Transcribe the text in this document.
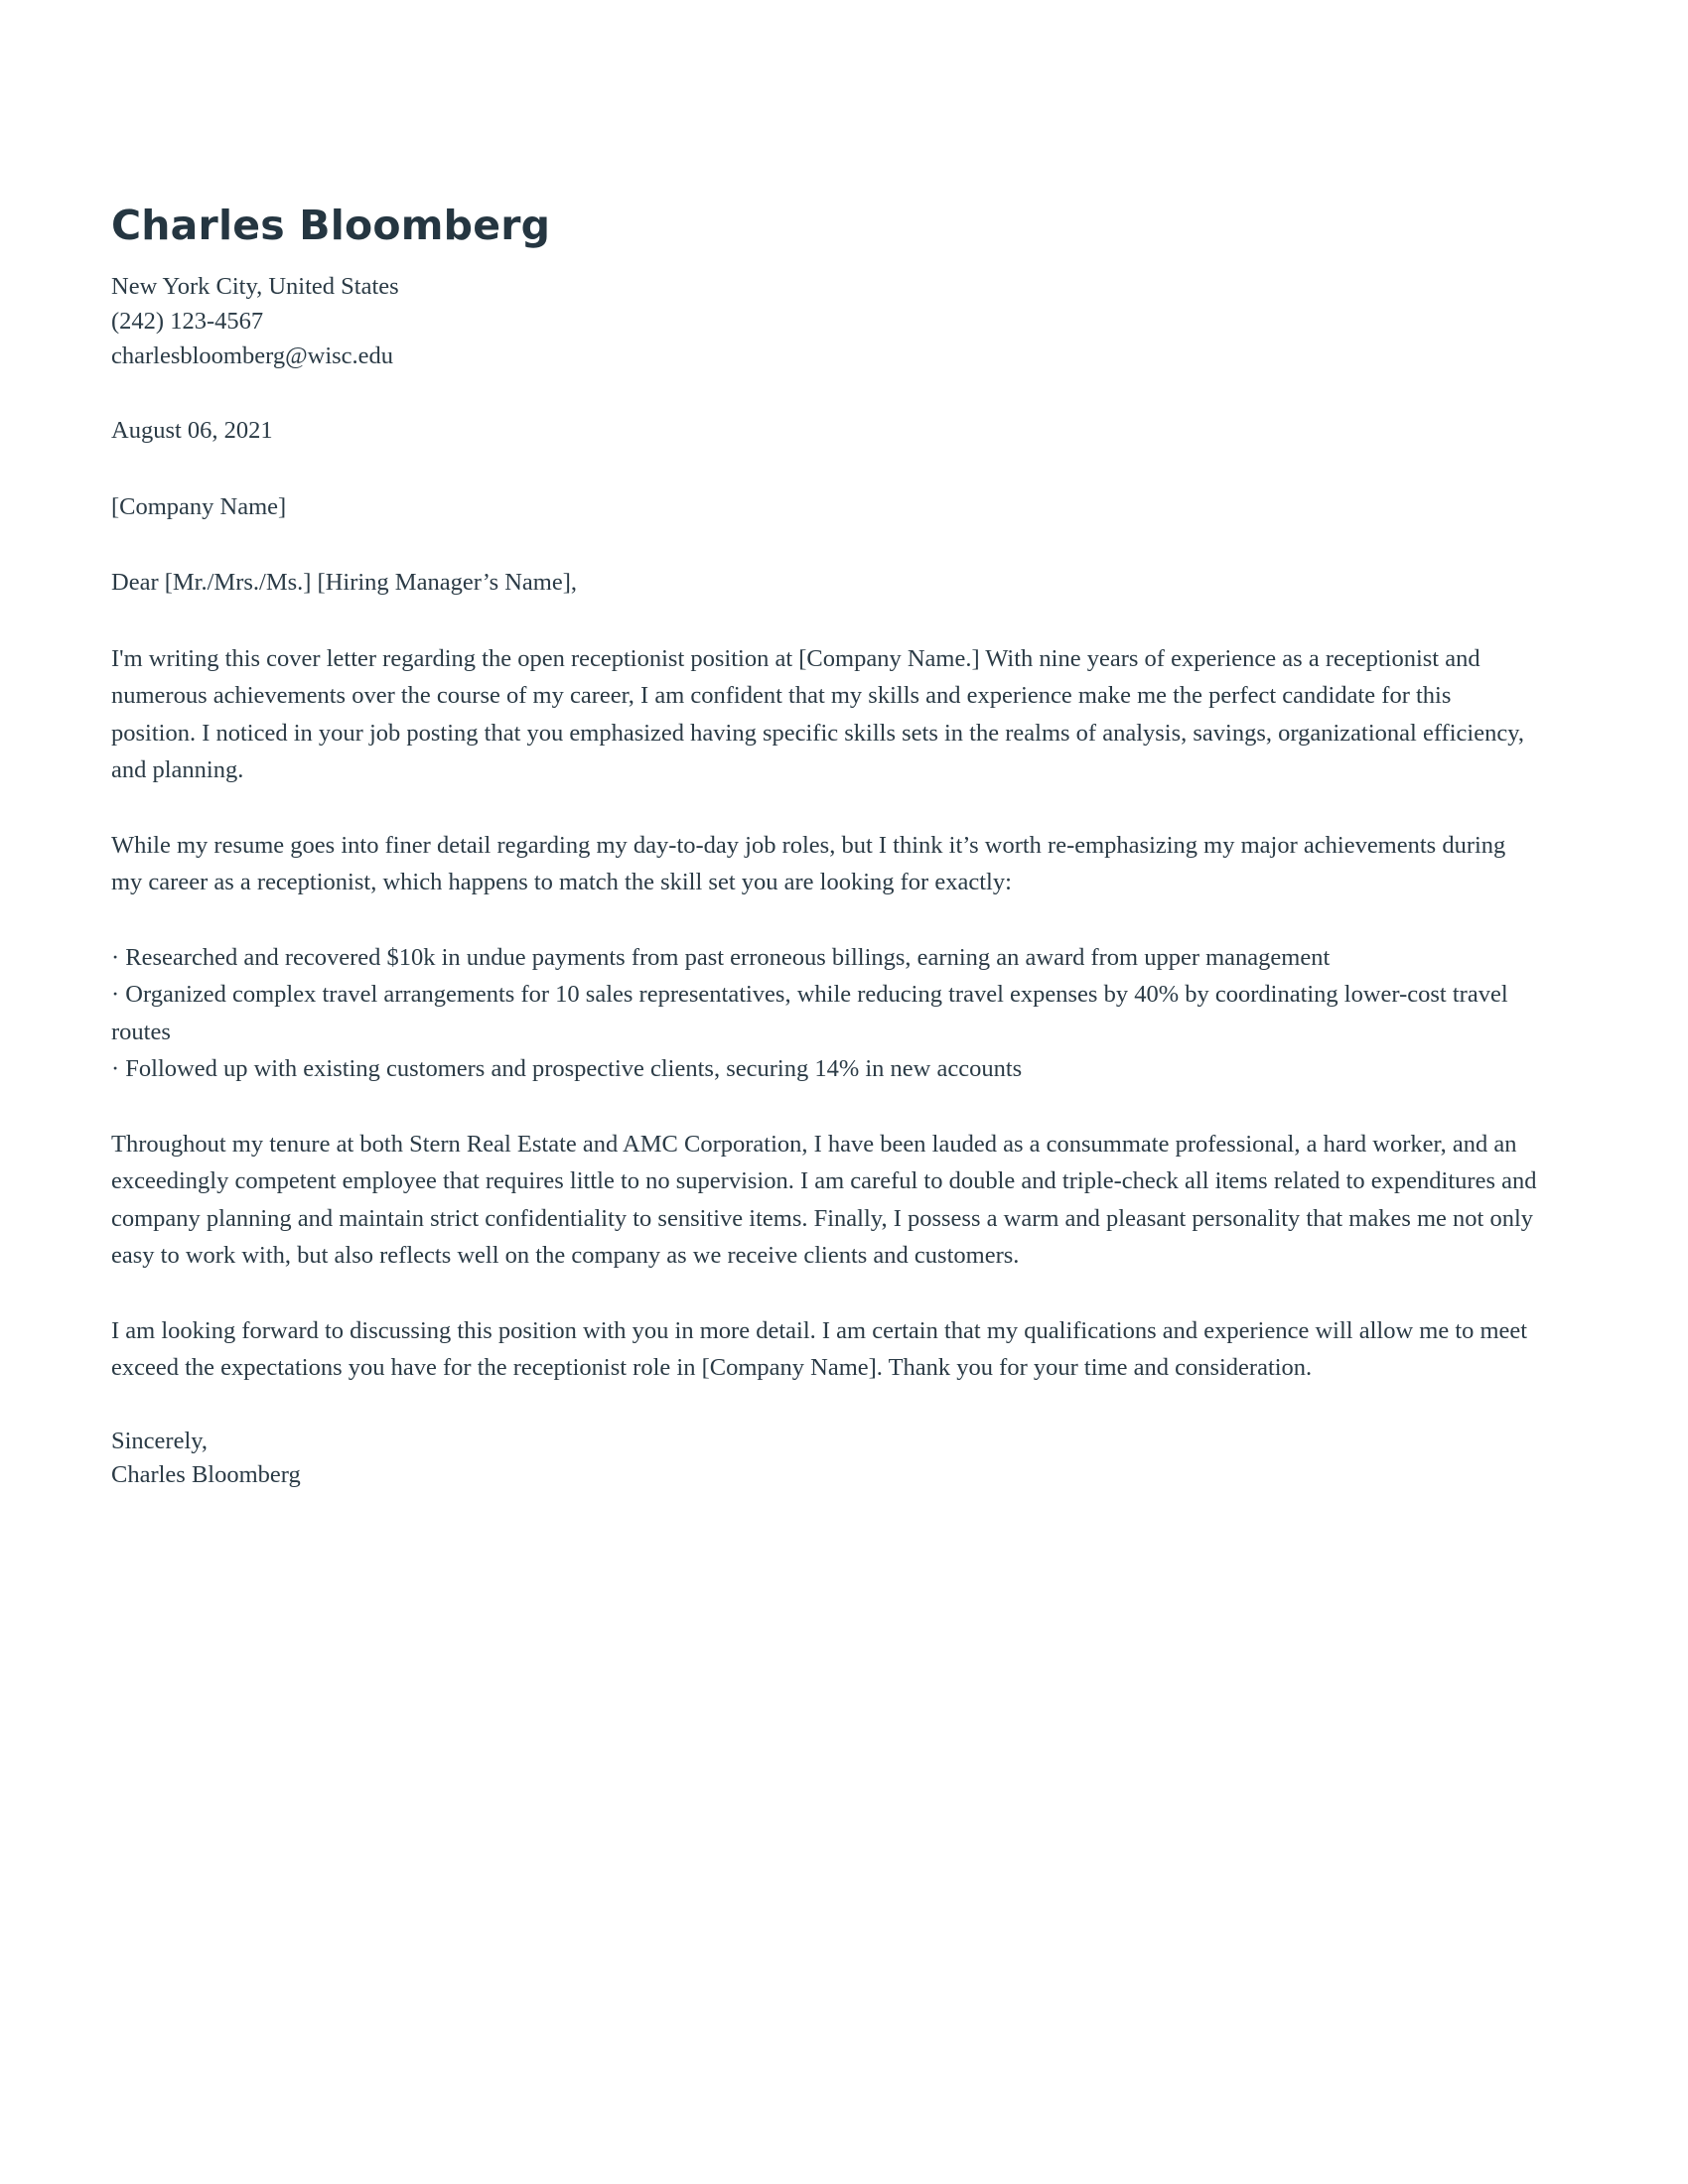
Charles Bloomberg
New York City, United States
(242) 123-4567
charlesbloomberg@wisc.edu
August 06, 2021
[Company Name]
Dear [Mr./Mrs./Ms.] [Hiring Manager’s Name],

I'm writing this cover letter regarding the open receptionist position at [Company Name.] With nine years of experience as a receptionist and numerous achievements over the course of my career, I am confident that my skills and experience make me the perfect candidate for this position. I noticed in your job posting that you emphasized having specific skills sets in the realms of analysis, savings, organizational efficiency, and planning.

While my resume goes into finer detail regarding my day-to-day job roles, but I think it’s worth re-emphasizing my major achievements during my career as a receptionist, which happens to match the skill set you are looking for exactly:

· Researched and recovered $10k in undue payments from past erroneous billings, earning an award from upper management

· Organized complex travel arrangements for 10 sales representatives, while reducing travel expenses by 40% by coordinating lower-cost travel routes

· Followed up with existing customers and prospective clients, securing 14% in new accounts

Throughout my tenure at both Stern Real Estate and AMC Corporation, I have been lauded as a consummate professional, a hard worker, and an exceedingly competent employee that requires little to no supervision. I am careful to double and triple-check all items related to expenditures and company planning and maintain strict confidentiality to sensitive items. Finally, I possess a warm and pleasant personality that makes me not only easy to work with, but also reflects well on the company as we receive clients and customers.

I am looking forward to discussing this position with you in more detail. I am certain that my qualifications and experience will allow me to meet exceed the expectations you have for the receptionist role in [Company Name]. Thank you for your time and consideration.

Sincerely,
Charles Bloomberg
